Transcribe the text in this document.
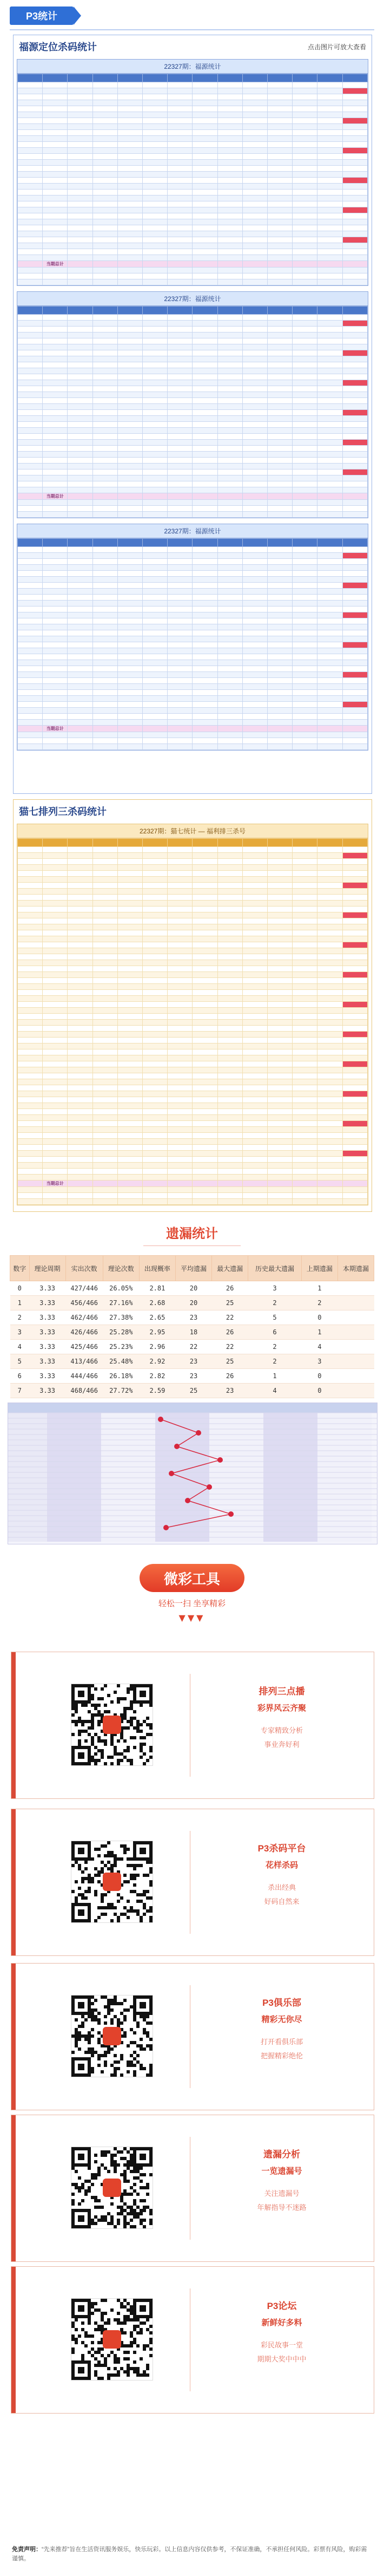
P3统计
福源定位杀码统计	点击图片可放大查看
22327期：福源统计

	当期总计												

22327期：福源统计

	当期总计												

22327期：福源统计

	当期总计												

猫七排列三杀码统计
22327期：猫七统计 — 福利排三杀号

	当期总计												

遗漏统计
数字	理论周期	实出次数	理论次数	出现概率	平均遗漏	最大遗漏	历史最大遗漏	上期遗漏	本期遗漏
0	3.33	427/446	26.05%	2.81	20	26	3	1	
1	3.33	456/466	27.16%	2.68	20	25	2	2	
2	3.33	462/466	27.38%	2.65	23	22	5	0	
3	3.33	426/466	25.28%	2.95	18	26	6	1	
4	3.33	425/466	25.23%	2.96	22	22	2	4	
5	3.33	413/466	25.48%	2.92	23	25	2	3	
6	3.33	444/466	26.18%	2.82	23	26	1	0	
7	3.33	468/466	27.72%	2.59	25	23	4	0	

微彩工具
轻松一扫 坐享精彩
▼▼▼
排列三点播
彩界风云齐聚
专家精致分析
事业奔好利
P3杀码平台
花样杀码
杀出经典
好码自然来
P3俱乐部
精彩无你尽
打开看俱乐部
把握精彩绝伦
遗漏分析
一览遗漏号
关注遗漏号
年解指导不迷路
P3论坛
新鲜好多料
彩民故事一堂
期期大奖中中中
免责声明：“先来推荐”旨在生活资讯服务娱乐，快乐玩彩。以上信息内容仅供参考，不保证准确，不承担任何风险。彩票有风险，购彩需谨慎。
